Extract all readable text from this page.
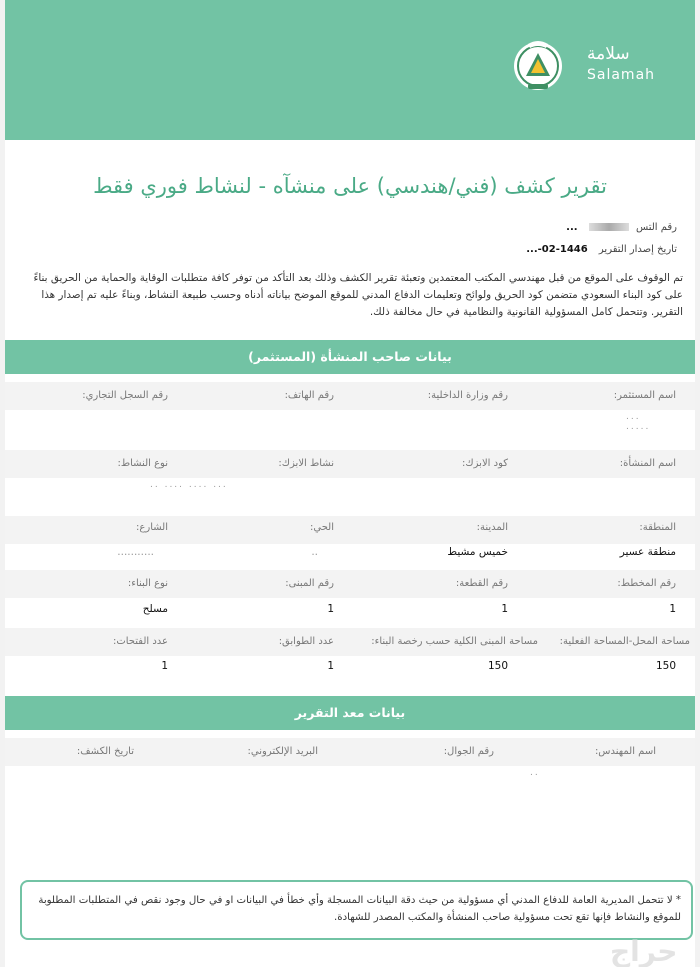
سلامة
Salamah
تقرير كشف (فني/هندسي) على منشآه - لنشاط فوري فقط
رقم التس  ...
تاريخ إصدار التقرير 1446-02-...
تم الوقوف على الموقع من قبل مهندسي المكتب المعتمدين وتعبئة تقرير الكشف وذلك بعد التأكد من توفر كافة متطلبات الوقاية والحماية من الحريق بناءً على كود البناء السعودي متضمن كود الحريق ولوائح وتعليمات الدفاع المدني للموقع الموضح بياناته أدناه وحسب طبيعة النشاط، وبناءً عليه تم إصدار هذا التقرير. وتتحمل كامل المسؤولية القانونية والنظامية في حال مخالفة ذلك.
بيانات صاحب المنشأة (المستثمر)
اسم المستثمر:
رقم وزارة الداخلية:
رقم الهاتف:
رقم السجل التجاري:
...
.....
اسم المنشأة:
كود الابزك:
نشاط الابزك:
نوع النشاط:
.. .... .... ...
المنطقة:
المدينة:
الحي:
الشارع:
منطقة عسير
خميس مشيط
..
...........
رقم المخطط:
رقم القطعة:
رقم المبنى:
نوع البناء:
1
1
1
مسلح
مساحة المحل-المساحة الفعلية:
مساحة المبنى الكلية حسب رخصة البناء:
عدد الطوابق:
عدد الفتحات:
150
150
1
1
بيانات معد التقرير
اسم المهندس:
رقم الجوال:
البريد الإلكتروني:
تاريخ الكشف:
..
* لا تتحمل المديرية العامة للدفاع المدني أي مسؤولية من حيث دقة البيانات المسجلة وأي خطأ في البيانات او في حال وجود نقص في المتطلبات المطلوبة للموقع والنشاط فإنها تقع تحت مسؤولية صاحب المنشأة والمكتب المصدر للشهادة.
حراج
